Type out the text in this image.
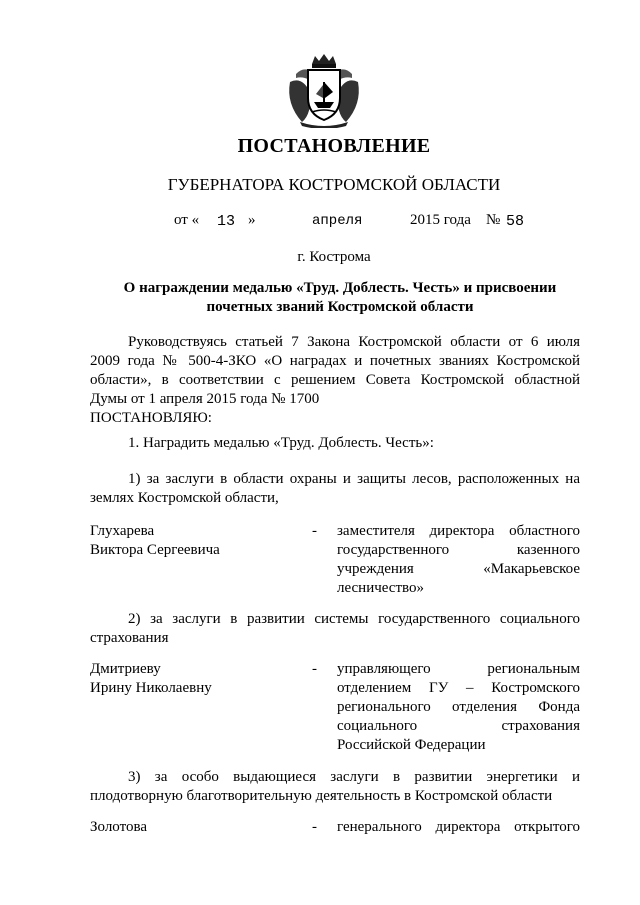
ПОСТАНОВЛЕНИЕ
ГУБЕРНАТОРА КОСТРОМСКОЙ ОБЛАСТИ
от « 13 »	апреля	2015 года № 58
г. Кострома
О награждении медалью «Труд. Доблесть. Честь» и присвоении
почетных званий Костромской области
Руководствуясь статьей 7 Закона Костромской области от 6 июля
2009 года № 500-4-ЗКО «О наградах и почетных званиях Костромской
области», в соответствии с решением Совета Костромской областной
Думы от 1 апреля 2015 года № 1700
ПОСТАНОВЛЯЮ:
1. Наградить медалью «Труд. Доблесть. Честь»:
1) за заслуги в области охраны и защиты лесов, расположенных на
землях Костромской области,
Глухарева
Виктора Сергеевича
- заместителя директора областного
государственного казенного
учреждения «Макарьевское
лесничество»
2) за заслуги в развитии системы государственного социального
страхования
Дмитриеву
Ирину Николаевну
- управляющего региональным
отделением ГУ – Костромского
регионального отделения Фонда
социального страхования
Российской Федерации
3) за особо выдающиеся заслуги в развитии энергетики и
плодотворную благотворительную деятельность в Костромской области
Золотова	- генерального директора открытого
